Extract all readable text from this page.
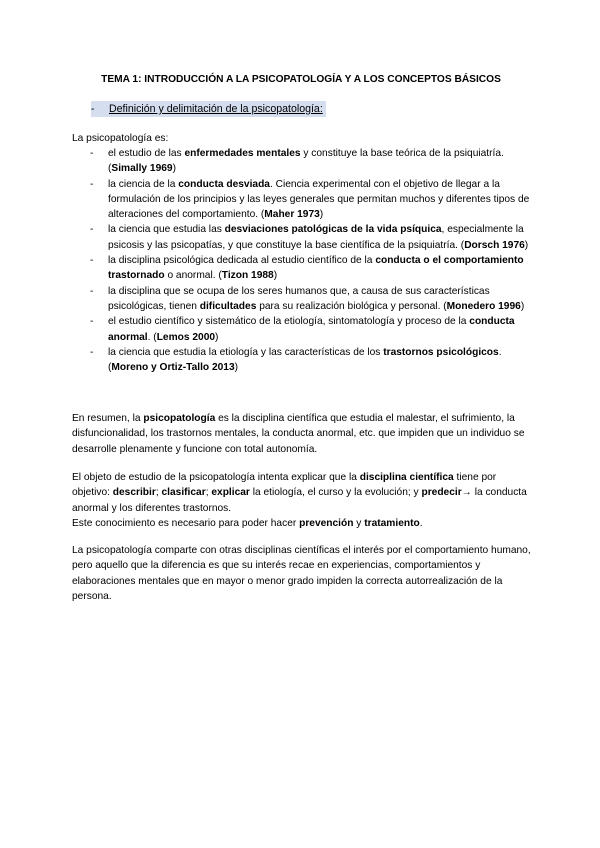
TEMA 1: INTRODUCCIÓN A LA PSICOPATOLOGÍA Y A LOS CONCEPTOS BÁSICOS
- Definición y delimitación de la psicopatología:
La psicopatología es:
- el estudio de las enfermedades mentales y constituye la base teórica de la psiquiatría. (Simally 1969)
- la ciencia de la conducta desviada. Ciencia experimental con el objetivo de llegar a la formulación de los principios y las leyes generales que permitan muchos y diferentes tipos de alteraciones del comportamiento. (Maher 1973)
- la ciencia que estudia las desviaciones patológicas de la vida psíquica, especialmente la psicosis y las psicopatías, y que constituye la base científica de la psiquiatría. (Dorsch 1976)
- la disciplina psicológica dedicada al estudio científico de la conducta o el comportamiento trastornado o anormal. (Tizon 1988)
- la disciplina que se ocupa de los seres humanos que, a causa de sus características psicológicas, tienen dificultades para su realización biológica y personal. (Monedero 1996)
- el estudio científico y sistemático de la etiología, sintomatología y proceso de la conducta anormal. (Lemos 2000)
- la ciencia que estudia la etiología y las características de los trastornos psicológicos. (Moreno y Ortiz-Tallo 2013)
En resumen, la psicopatología es la disciplina científica que estudia el malestar, el sufrimiento, la disfuncionalidad, los trastornos mentales, la conducta anormal, etc. que impiden que un individuo se desarrolle plenamente y funcione con total autonomía.
El objeto de estudio de la psicopatología intenta explicar que la disciplina científica tiene por objetivo: describir; clasificar; explicar la etiología, el curso y la evolución; y predecir→ la conducta anormal y los diferentes trastornos.
Este conocimiento es necesario para poder hacer prevención y tratamiento.
La psicopatología comparte con otras disciplinas científicas el interés por el comportamiento humano, pero aquello que la diferencia es que su interés recae en experiencias, comportamientos y elaboraciones mentales que en mayor o menor grado impiden la correcta autorrealización de la persona.
